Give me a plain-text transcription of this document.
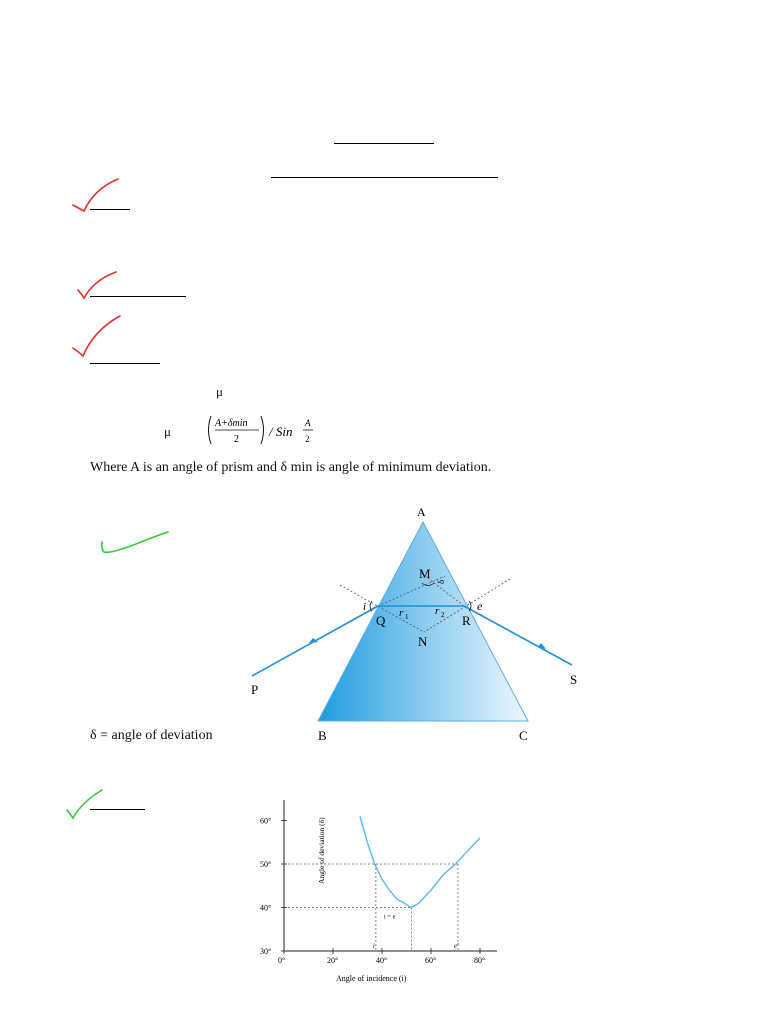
μ
μ
A+δmin
2
/ Sin
A
2
Where A is an angle of prism and δ min is angle of minimum deviation.
A
B	C
P
S
Q	R
M
N
i	e
r 1 r 2
δ
δ = angle of deviation
Angle of deviation (δ)
Angle of incidence (i)
30°
40°
50°
60°
0°	20°	40°	60°	80°
i	e'
i = e
